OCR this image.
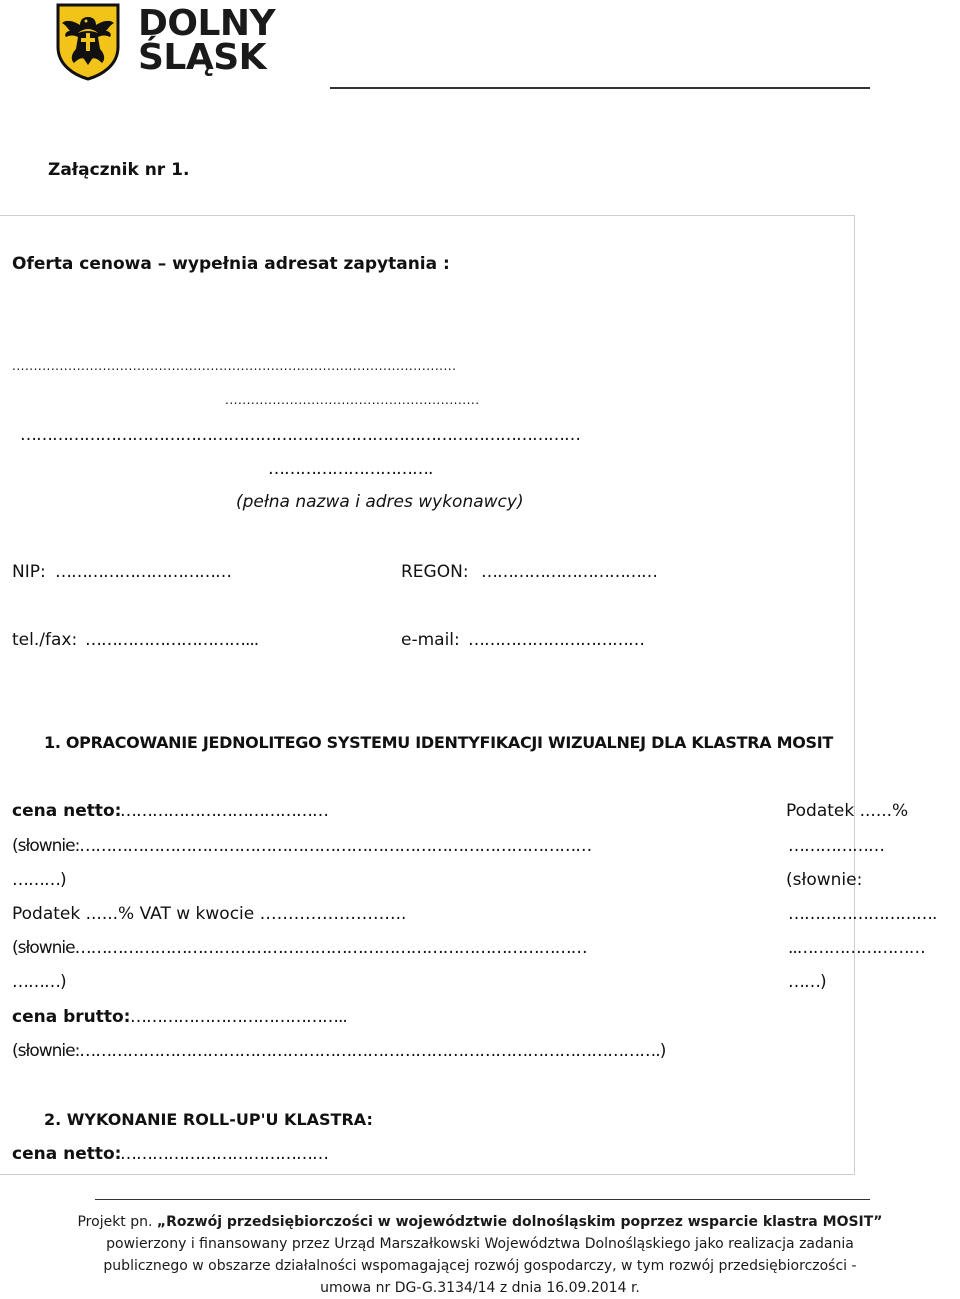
DOLNY
ŚLĄSK
Załącznik nr 1.
Oferta cenowa – wypełnia adresat zapytania :
.......................................................................................................
...........................................................
……………………………………………………………………………………………
………………………….
(pełna nazwa i adres wykonawcy)
NIP: ……………………………	REGON: ……………………………
tel./fax: …………………………...	e-mail: ……………………………
1. OPRACOWANIE JEDNOLITEGO SYSTEMU IDENTYFIKACJI WIZUALNEJ DLA KLASTRA MOSIT
cena netto:
…………………………………
(słownie:……………………………………………………………………………………
………)
Podatek ......% VAT w kwocie ……………………..
(słownie……………………………………………………………………………………
………)
cena brutto: …………………………………..
(słownie:……………………………………………………………………………………………….)
Podatek ......%
………………
(słownie:
……………………….
..……………………
……)
2. WYKONANIE ROLL-UP'U KLASTRA:
cena netto:
…………………………………
Projekt pn. „Rozwój przedsiębiorczości w województwie dolnośląskim poprzez wsparcie klastra MOSIT”
powierzony i finansowany przez Urząd Marszałkowski Województwa Dolnośląskiego jako realizacja zadania
publicznego w obszarze działalności wspomagającej rozwój gospodarczy, w tym rozwój przedsiębiorczości -
umowa nr DG-G.3134/14 z dnia 16.09.2014 r.
